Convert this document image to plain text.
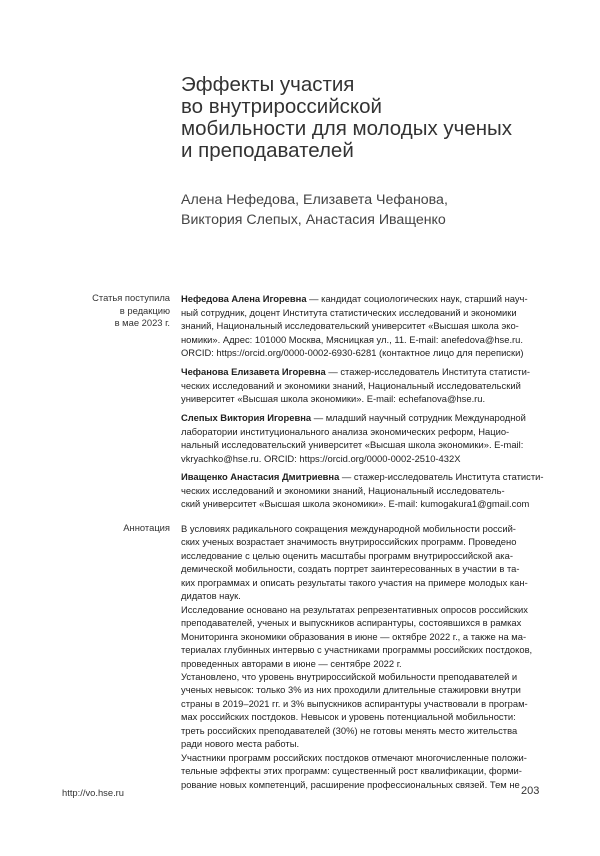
Эффекты участия
во внутрироссийской
мобильности для молодых ученых
и преподавателей

Алена Нефедова, Елизавета Чефанова,
Виктория Слепых, Анастасия Иващенко

Статья поступила
в редакцию
в мае 2023 г.
Нефедова Алена Игоревна — кандидат социологических наук, старший науч-
ный сотрудник, доцент Института статистических исследований и экономики
знаний, Национальный исследовательский университет «Высшая школа эко-
номики». Адрес: 101000 Москва, Мясницкая ул., 11. E-mail: anefedova@hse.ru.
ORCID: https://orcid.org/0000-0002-6930-6281 (контактное лицо для переписки)
Чефанова Елизавета Игоревна — стажер-исследователь Института статисти-
ческих исследований и экономики знаний, Национальный исследовательский
университет «Высшая школа экономики». E-mail: echefanova@hse.ru.
Слепых Виктория Игоревна — младший научный сотрудник Международной
лаборатории институционального анализа экономических реформ, Нацио-
нальный исследовательский университет «Высшая школа экономики». E-mail:
vkryachko@hse.ru. ORCID: https://orcid.org/0000-0002-2510-432X
Иващенко Анастасия Дмитриевна — стажер-исследователь Института статисти-
ческих исследований и экономики знаний, Национальный исследователь-
ский университет «Высшая школа экономики». E-mail: kumogakura1@gmail.com
Аннотация В условиях радикального сокращения международной мобильности россий-
ских ученых возрастает значимость внутрироссийских программ. Проведено
исследование с целью оценить масштабы программ внутрироссийской ака-
демической мобильности, создать портрет заинтересованных в участии в та-
ких программах и описать результаты такого участия на примере молодых кан-
дидатов наук.
Исследование основано на результатах репрезентативных опросов российских
преподавателей, ученых и выпускников аспирантуры, состоявшихся в рамках
Мониторинга экономики образования в июне — октябре 2022 г., а также на ма-
териалах глубинных интервью с участниками программы российских постдоков,
проведенных авторами в июне — сентябре 2022 г.
Установлено, что уровень внутрироссийской мобильности преподавателей и
ученых невысок: только 3% из них проходили длительные стажировки внутри
страны в 2019–2021 гг. и 3% выпускников аспирантуры участвовали в програм-
мах российских постдоков. Невысок и уровень потенциальной мобильности:
треть российских преподавателей (30%) не готовы менять место жительства
ради нового места работы.
Участники программ российских постдоков отмечают многочисленные положи-
тельные эффекты этих программ: существенный рост квалификации, форми-
рование новых компетенций, расширение профессиональных связей. Тем не
http://vo.hse.ru	203
